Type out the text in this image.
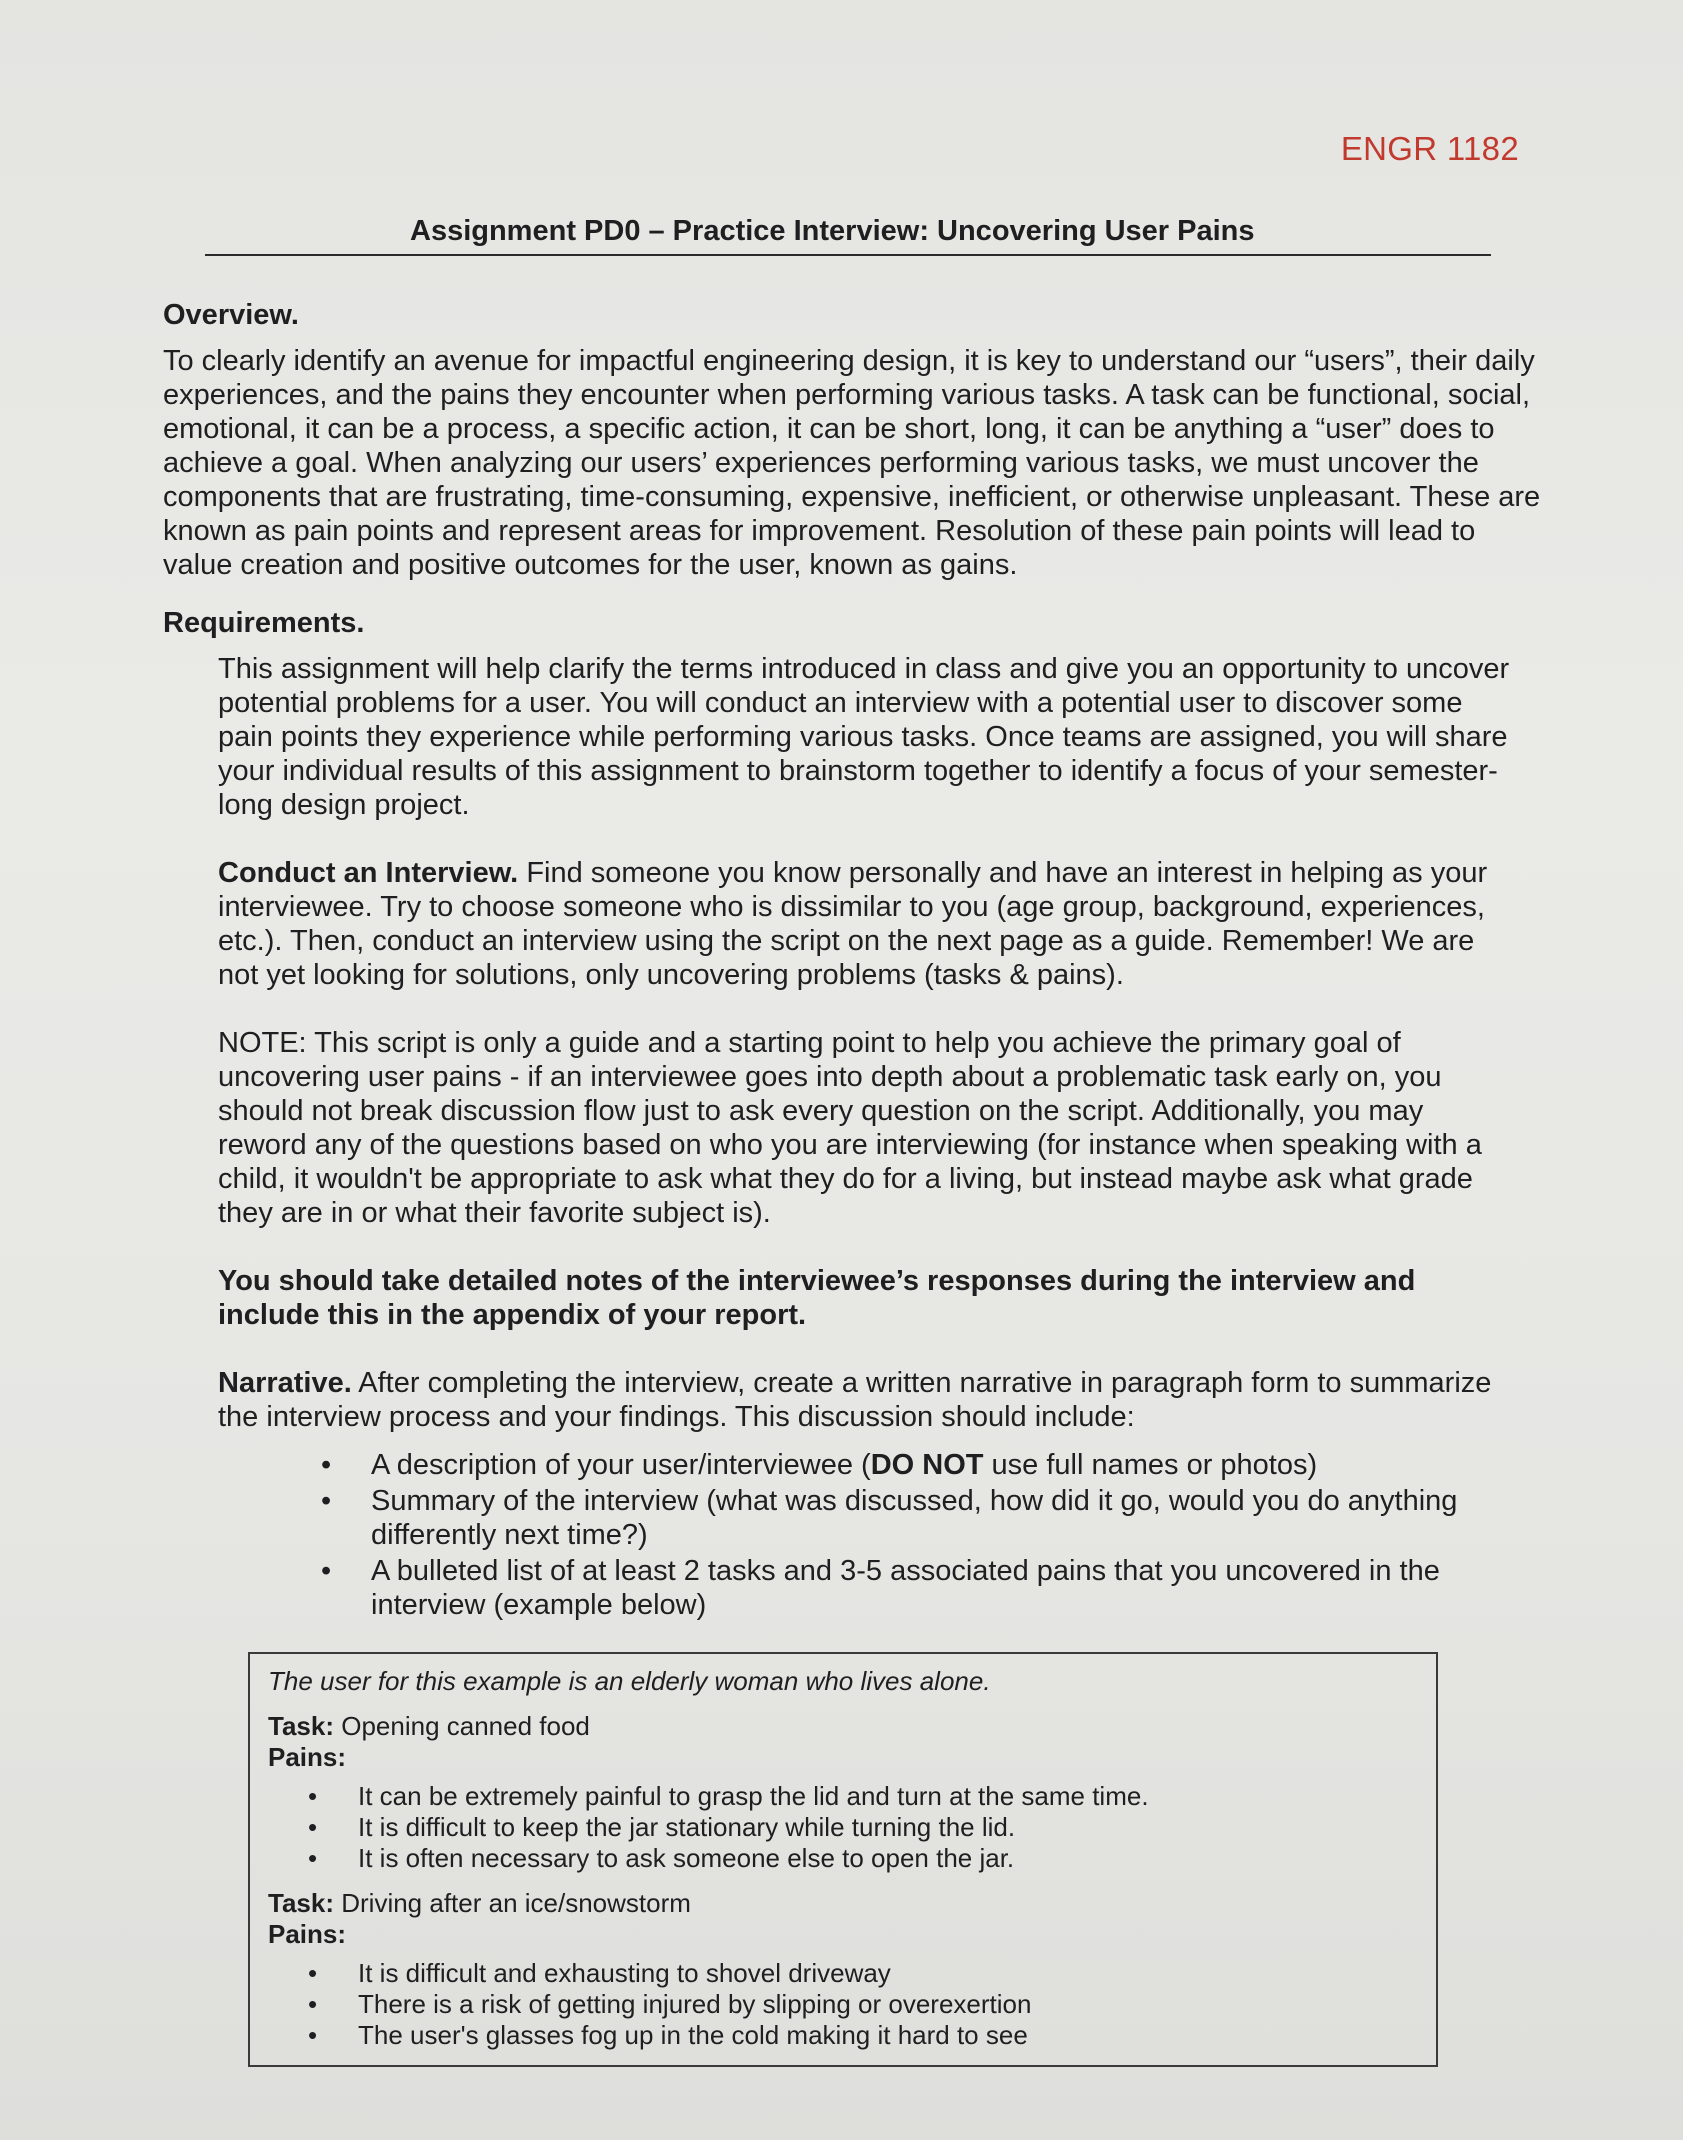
ENGR 1182
Assignment PD0 – Practice Interview: Uncovering User Pains
Overview.

To clearly identify an avenue for impactful engineering design, it is key to understand our “users”, their daily experiences, and the pains they encounter when performing various tasks. A task can be functional, social, emotional, it can be a process, a specific action, it can be short, long, it can be anything a “user” does to achieve a goal. When analyzing our users’ experiences performing various tasks, we must uncover the components that are frustrating, time-consuming, expensive, inefficient, or otherwise unpleasant. These are known as pain points and represent areas for improvement. Resolution of these pain points will lead to value creation and positive outcomes for the user, known as gains.

Requirements.

This assignment will help clarify the terms introduced in class and give you an opportunity to uncover potential problems for a user. You will conduct an interview with a potential user to discover some pain points they experience while performing various tasks. Once teams are assigned, you will share your individual results of this assignment to brainstorm together to identify a focus of your semester-long design project.

Conduct an Interview. Find someone you know personally and have an interest in helping as your interviewee. Try to choose someone who is dissimilar to you (age group, background, experiences, etc.). Then, conduct an interview using the script on the next page as a guide. Remember! We are not yet looking for solutions, only uncovering problems (tasks & pains).

NOTE: This script is only a guide and a starting point to help you achieve the primary goal of uncovering user pains - if an interviewee goes into depth about a problematic task early on, you should not break discussion flow just to ask every question on the script. Additionally, you may reword any of the questions based on who you are interviewing (for instance when speaking with a child, it wouldn't be appropriate to ask what they do for a living, but instead maybe ask what grade they are in or what their favorite subject is).

You should take detailed notes of the interviewee’s responses during the interview and include this in the appendix of your report.

Narrative. After completing the interview, create a written narrative in paragraph form to summarize the interview process and your findings. This discussion should include:

• A description of your user/interviewee (DO NOT use full names or photos)
• Summary of the interview (what was discussed, how did it go, would you do anything differently next time?)
• A bulleted list of at least 2 tasks and 3-5 associated pains that you uncovered in the interview (example below)
The user for this example is an elderly woman who lives alone.
Task: Opening canned food
Pains:
• It can be extremely painful to grasp the lid and turn at the same time.
• It is difficult to keep the jar stationary while turning the lid.
• It is often necessary to ask someone else to open the jar.
Task: Driving after an ice/snowstorm
Pains:
• It is difficult and exhausting to shovel driveway
• There is a risk of getting injured by slipping or overexertion
• The user's glasses fog up in the cold making it hard to see
